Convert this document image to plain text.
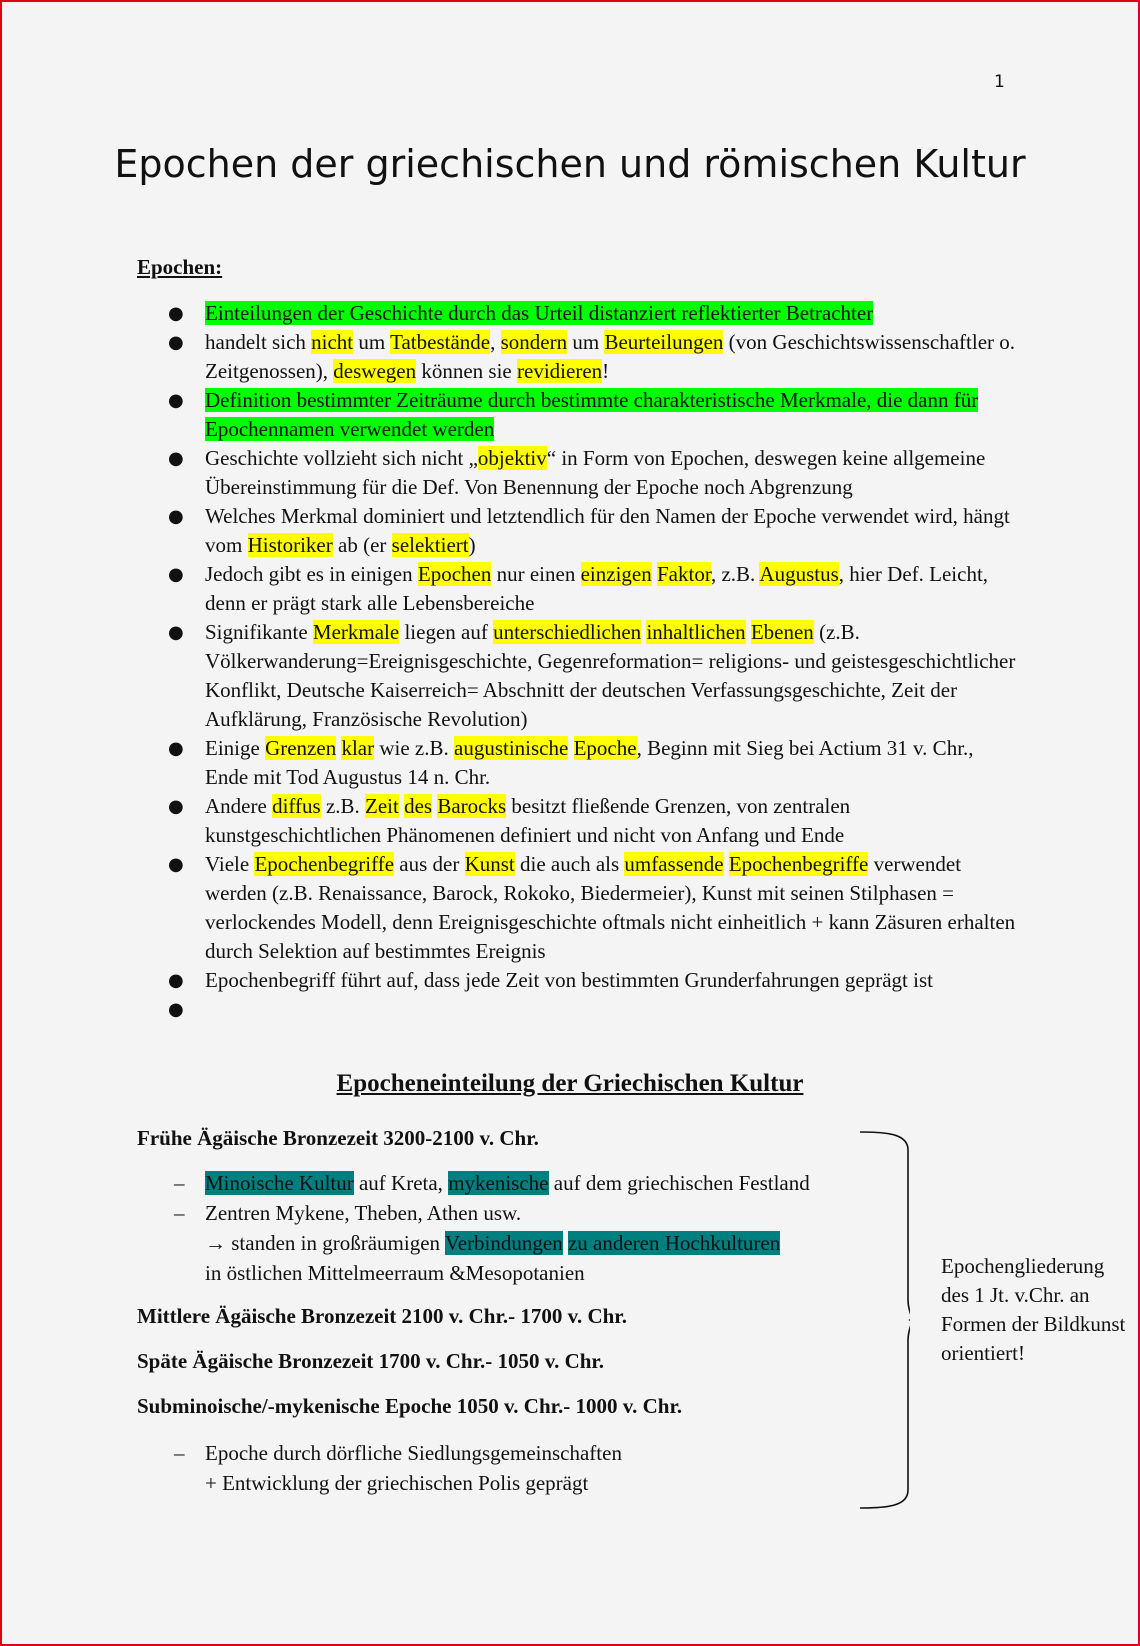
1
Epochen der griechischen und römischen Kultur
Epochen:
● Einteilungen der Geschichte durch das Urteil distanziert reflektierter Betrachter
● handelt sich nicht um Tatbestände, sondern um Beurteilungen (von Geschichtswissenschaftler o. Zeitgenossen), deswegen können sie revidieren!
● Definition bestimmter Zeiträume durch bestimmte charakteristische Merkmale, die dann für Epochennamen verwendet werden
● Geschichte vollzieht sich nicht „objektiv“ in Form von Epochen, deswegen keine allgemeine Übereinstimmung für die Def. Von Benennung der Epoche noch Abgrenzung
● Welches Merkmal dominiert und letztendlich für den Namen der Epoche verwendet wird, hängt vom Historiker ab (er selektiert)
● Jedoch gibt es in einigen Epochen nur einen einzigen Faktor, z.B. Augustus, hier Def. Leicht, denn er prägt stark alle Lebensbereiche
● Signifikante Merkmale liegen auf unterschiedlichen inhaltlichen Ebenen (z.B. Völkerwanderung=Ereignisgeschichte, Gegenreformation= religions- und geistesgeschichtlicher Konflikt, Deutsche Kaiserreich= Abschnitt der deutschen Verfassungsgeschichte, Zeit der Aufklärung, Französische Revolution)
● Einige Grenzen klar wie z.B. augustinische Epoche, Beginn mit Sieg bei Actium 31 v. Chr., Ende mit Tod Augustus 14 n. Chr.
● Andere diffus z.B. Zeit des Barocks besitzt fließende Grenzen, von zentralen kunstgeschichtlichen Phänomenen definiert und nicht von Anfang und Ende
● Viele Epochenbegriffe aus der Kunst die auch als umfassende Epochenbegriffe verwendet werden (z.B. Renaissance, Barock, Rokoko, Biedermeier), Kunst mit seinen Stilphasen = verlockendes Modell, denn Ereignisgeschichte oftmals nicht einheitlich + kann Zäsuren erhalten durch Selektion auf bestimmtes Ereignis
● Epochenbegriff führt auf, dass jede Zeit von bestimmten Grunderfahrungen geprägt ist
●

Epocheneinteilung der Griechischen Kultur
Frühe Ägäische Bronzezeit 3200-2100 v. Chr.
– Minoische Kultur auf Kreta, mykenische auf dem griechischen Festland
– Zentren Mykene, Theben, Athen usw.
→ standen in großräumigen Verbindungen zu anderen Hochkulturen
in östlichen Mittelmeerraum &Mesopotanien
Mittlere Ägäische Bronzezeit 2100 v. Chr.- 1700 v. Chr.
Späte Ägäische Bronzezeit 1700 v. Chr.- 1050 v. Chr.
Subminoische/-mykenische Epoche 1050 v. Chr.- 1000 v. Chr.
– Epoche durch dörfliche Siedlungsgemeinschaften
+ Entwicklung der griechischen Polis geprägt
Epochengliederung des 1 Jt. v.Chr. an Formen der Bildkunst orientiert!
